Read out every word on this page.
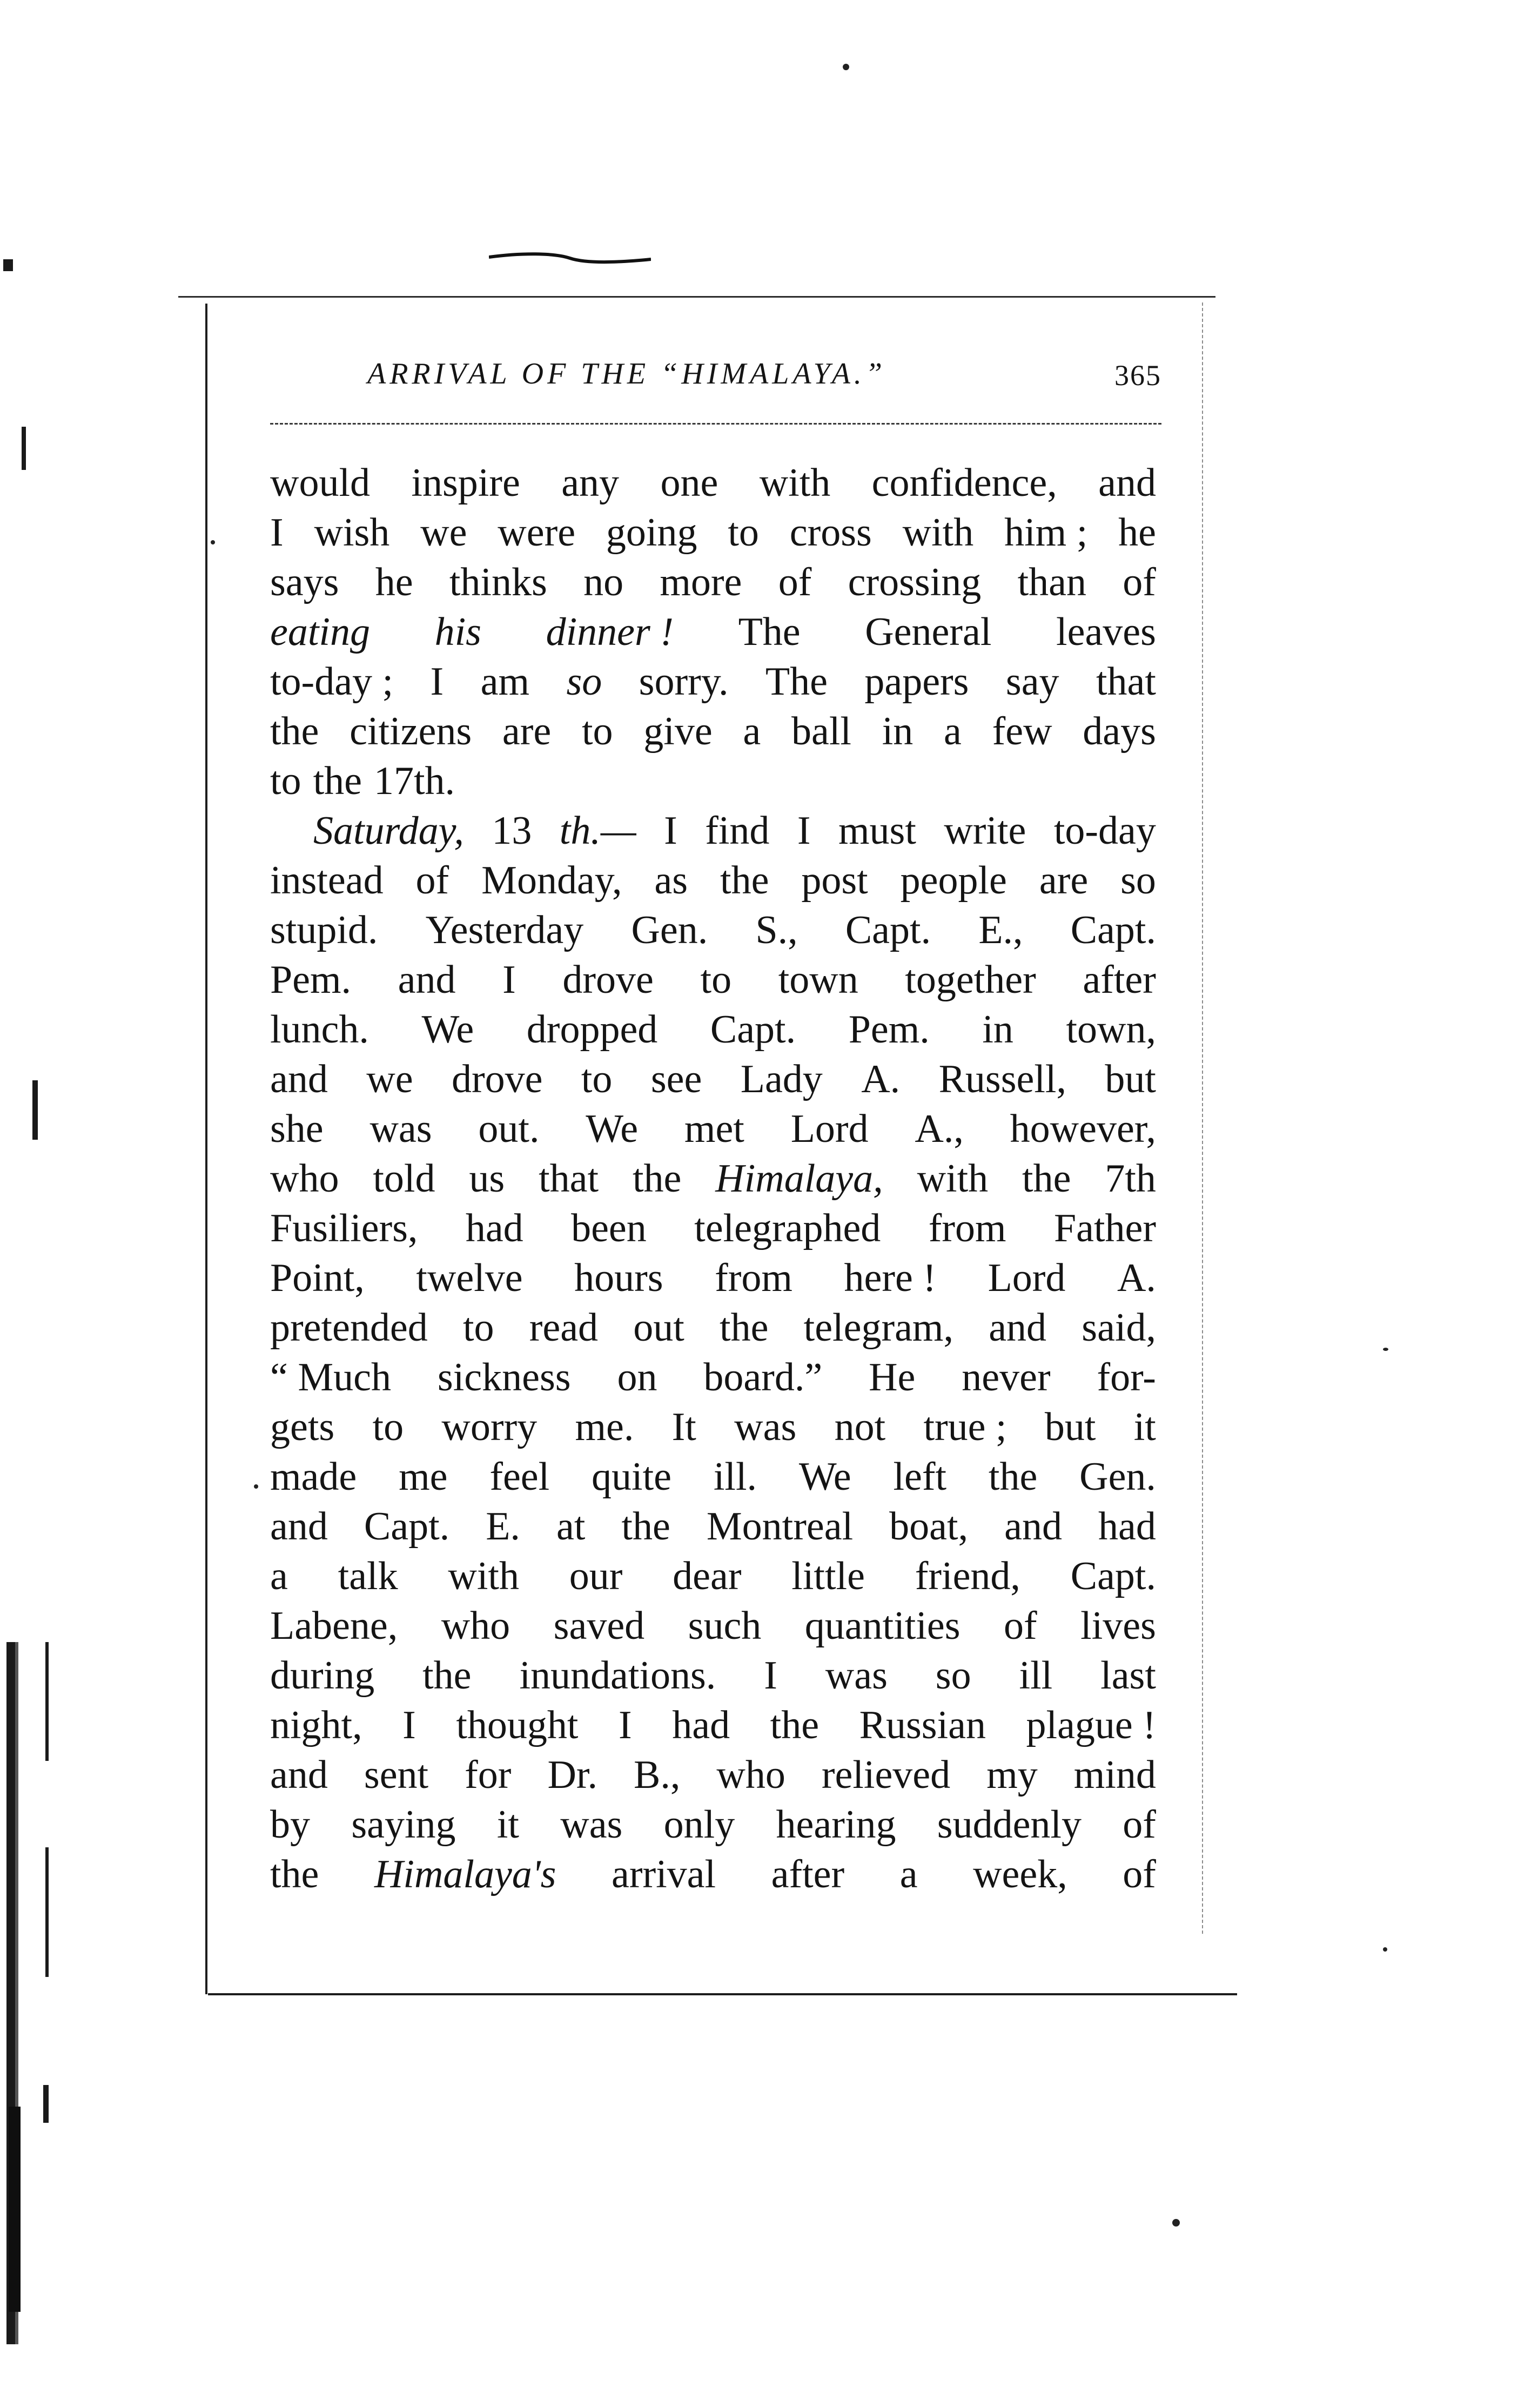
ARRIVAL OF THE “HIMALAYA.”	365
would inspire any one with confidence, and
I wish we were going to cross with him ; he
says he thinks no more of crossing than of
eating his dinner ! The General leaves
to-day ; I am so sorry. The papers say that
the citizens are to give a ball in a few days
to the 17th.
Saturday, 13 th.— I find I must write to-day
instead of Monday, as the post people are so
stupid. Yesterday Gen. S., Capt. E., Capt.
Pem. and I drove to town together after
lunch. We dropped Capt. Pem. in town,
and we drove to see Lady A. Russell, but
she was out. We met Lord A., however,
who told us that the Himalaya, with the 7th
Fusiliers, had been telegraphed from Father
Point, twelve hours from here ! Lord A.
pretended to read out the telegram, and said,
“ Much sickness on board.” He never for-
gets to worry me. It was not true ; but it
made me feel quite ill. We left the Gen.
and Capt. E. at the Montreal boat, and had
a talk with our dear little friend, Capt.
Labene, who saved such quantities of lives
during the inundations. I was so ill last
night, I thought I had the Russian plague !
and sent for Dr. B., who relieved my mind
by saying it was only hearing suddenly of
the Himalaya's arrival after a week, of
